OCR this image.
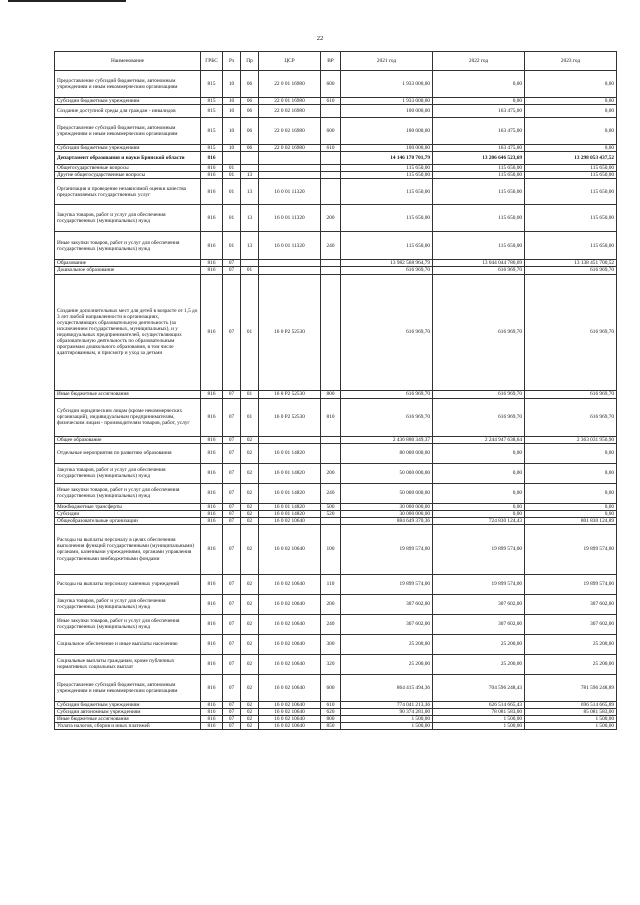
22
Наименование	ГРБС	Рз	Пр	ЦСР	ВР	2021 год	2022 год	2023 год
Предоставление субсидий бюджетным, автономным учреждениям и иным некоммерческим организациям	815	10	06	22 0 01 16980	600	1 933 000,00	0,00	0,00
Субсидии бюджетным учреждениям	815	10	06	22 0 01 16980	610	1 933 000,00	0,00	0,00
Создание доступной среды для граждан - инвалидов	815	10	06	22 0 02 16980		100 000,00	163 475,00	0,00
Предоставление субсидий бюджетным, автономным учреждениям и иным некоммерческим организациям	815	10	06	22 0 02 16980	600	100 000,00	163 475,00	0,00
Субсидии бюджетным учреждениям	815	10	06	22 0 02 16980	610	100 000,00	163 475,00	0,00
Департамент образования и науки Брянской области	816					14 146 170 701,79	13 206 646 523,69	13 298 053 437,52
Общегосударственные вопросы	816	01				115 650,00	115 650,00	115 650,00
Другие общегосударственные вопросы	816	01	13			115 650,00	115 650,00	115 650,00
Организация и проведение независимой оценки качества предоставляемых государственных услуг	816	01	13	16 0 01 11320		115 650,00	115 650,00	115 650,00
Закупка товаров, работ и услуг для обеспечения государственных (муниципальных) нужд	816	01	13	16 0 01 11320	200	115 650,00	115 650,00	115 650,00
Иные закупки товаров, работ и услуг для обеспечения государственных (муниципальных) нужд	816	01	13	16 0 01 11320	240	115 650,00	115 650,00	115 650,00
Образование	816	07				13 982 568 964,79	13 044 044 786,69	13 138 451 700,52
Дошкольное образование	816	07	01			616 969,70	616 969,70	616 969,70
Создание дополнительных мест для детей в возрасте от 1,5 до 3 лет любой направленности в организациях, осуществляющих образовательную деятельность (за исключением государственных, муниципальных), и у индивидуальных предпринимателей, осуществляющих образовательную деятельность по образовательным программам дошкольного образования, в том числе адаптированным, и присмотр и уход за детьми	816	07	01	16 0 P2 52530		616 969,70	616 969,70	616 969,70
Иные бюджетные ассигнования	816	07	01	16 0 P2 52530	800	616 969,70	616 969,70	616 969,70
Субсидии юридическим лицам (кроме некоммерческих организаций), индивидуальным предпринимателям, физическим лицам - производителям товаров, работ, услуг	816	07	01	16 0 P2 52530	810	616 969,70	616 969,70	616 969,70
Общее образование	816	07	02			2 436 880 349,37	2 244 947 638,64	2 363 031 950,90
Отдельные мероприятия по развитию образования	816	07	02	16 0 01 14820		80 000 000,00	0,00	0,00
Закупка товаров, работ и услуг для обеспечения государственных (муниципальных) нужд	816	07	02	16 0 01 14820	200	50 000 000,00	0,00	0,00
Иные закупки товаров, работ и услуг для обеспечения государственных (муниципальных) нужд	816	07	02	16 0 01 14820	240	50 000 000,00	0,00	0,00
Межбюджетные трансферты	816	07	02	16 0 01 14820	500	30 000 000,00	0,00	0,00
Субсидии	816	07	02	16 0 01 14820	520	30 000 000,00	0,00	0,00
Общеобразовательные организации	816	07	02	16 0 02 10640		884 649 370,36	724 830 124,43	801 830 124,89
Расходы на выплаты персоналу в целях обеспечения выполнения функций государственными (муниципальными) органами, казенными учреждениями, органами управления государственными внебюджетными фондами	816	07	02	16 0 02 10640	100	19 899 574,00	19 899 574,00	19 899 574,00
Расходы на выплаты персоналу казенных учреждений	816	07	02	16 0 02 10640	110	19 899 574,00	19 899 574,00	19 899 574,00
Закупка товаров, работ и услуг для обеспечения государственных (муниципальных) нужд	816	07	02	16 0 02 10640	200	307 602,00	307 602,00	307 602,00
Иные закупки товаров, работ и услуг для обеспечения государственных (муниципальных) нужд	816	07	02	16 0 02 10640	240	307 602,00	307 602,00	307 602,00
Социальное обеспечение и иные выплаты населению	816	07	02	16 0 02 10640	300	25 200,00	25 200,00	25 200,00
Социальные выплаты гражданам, кроме публичных нормативных социальных выплат	816	07	02	16 0 02 10640	320	25 200,00	25 200,00	25 200,00
Предоставление субсидий бюджетным, автономным учреждениям и иным некоммерческим организациям	816	07	02	16 0 02 10640	600	864 415 494,36	704 596 248,43	781 596 248,89
Субсидии бюджетным учреждениям	816	07	02	16 0 02 10640	610	774 041 213,36	626 514 665,43	696 514 665,89
Субсидии автономным учреждениям	816	07	02	16 0 02 10640	620	90 374 281,00	78 081 583,00	85 081 583,00
Иные бюджетные ассигнования	816	07	02	16 0 02 10640	800	1 500,00	1 500,00	1 500,00
Уплата налогов, сборов и иных платежей	816	07	02	16 0 02 10640	850	1 500,00	1 500,00	1 500,00
